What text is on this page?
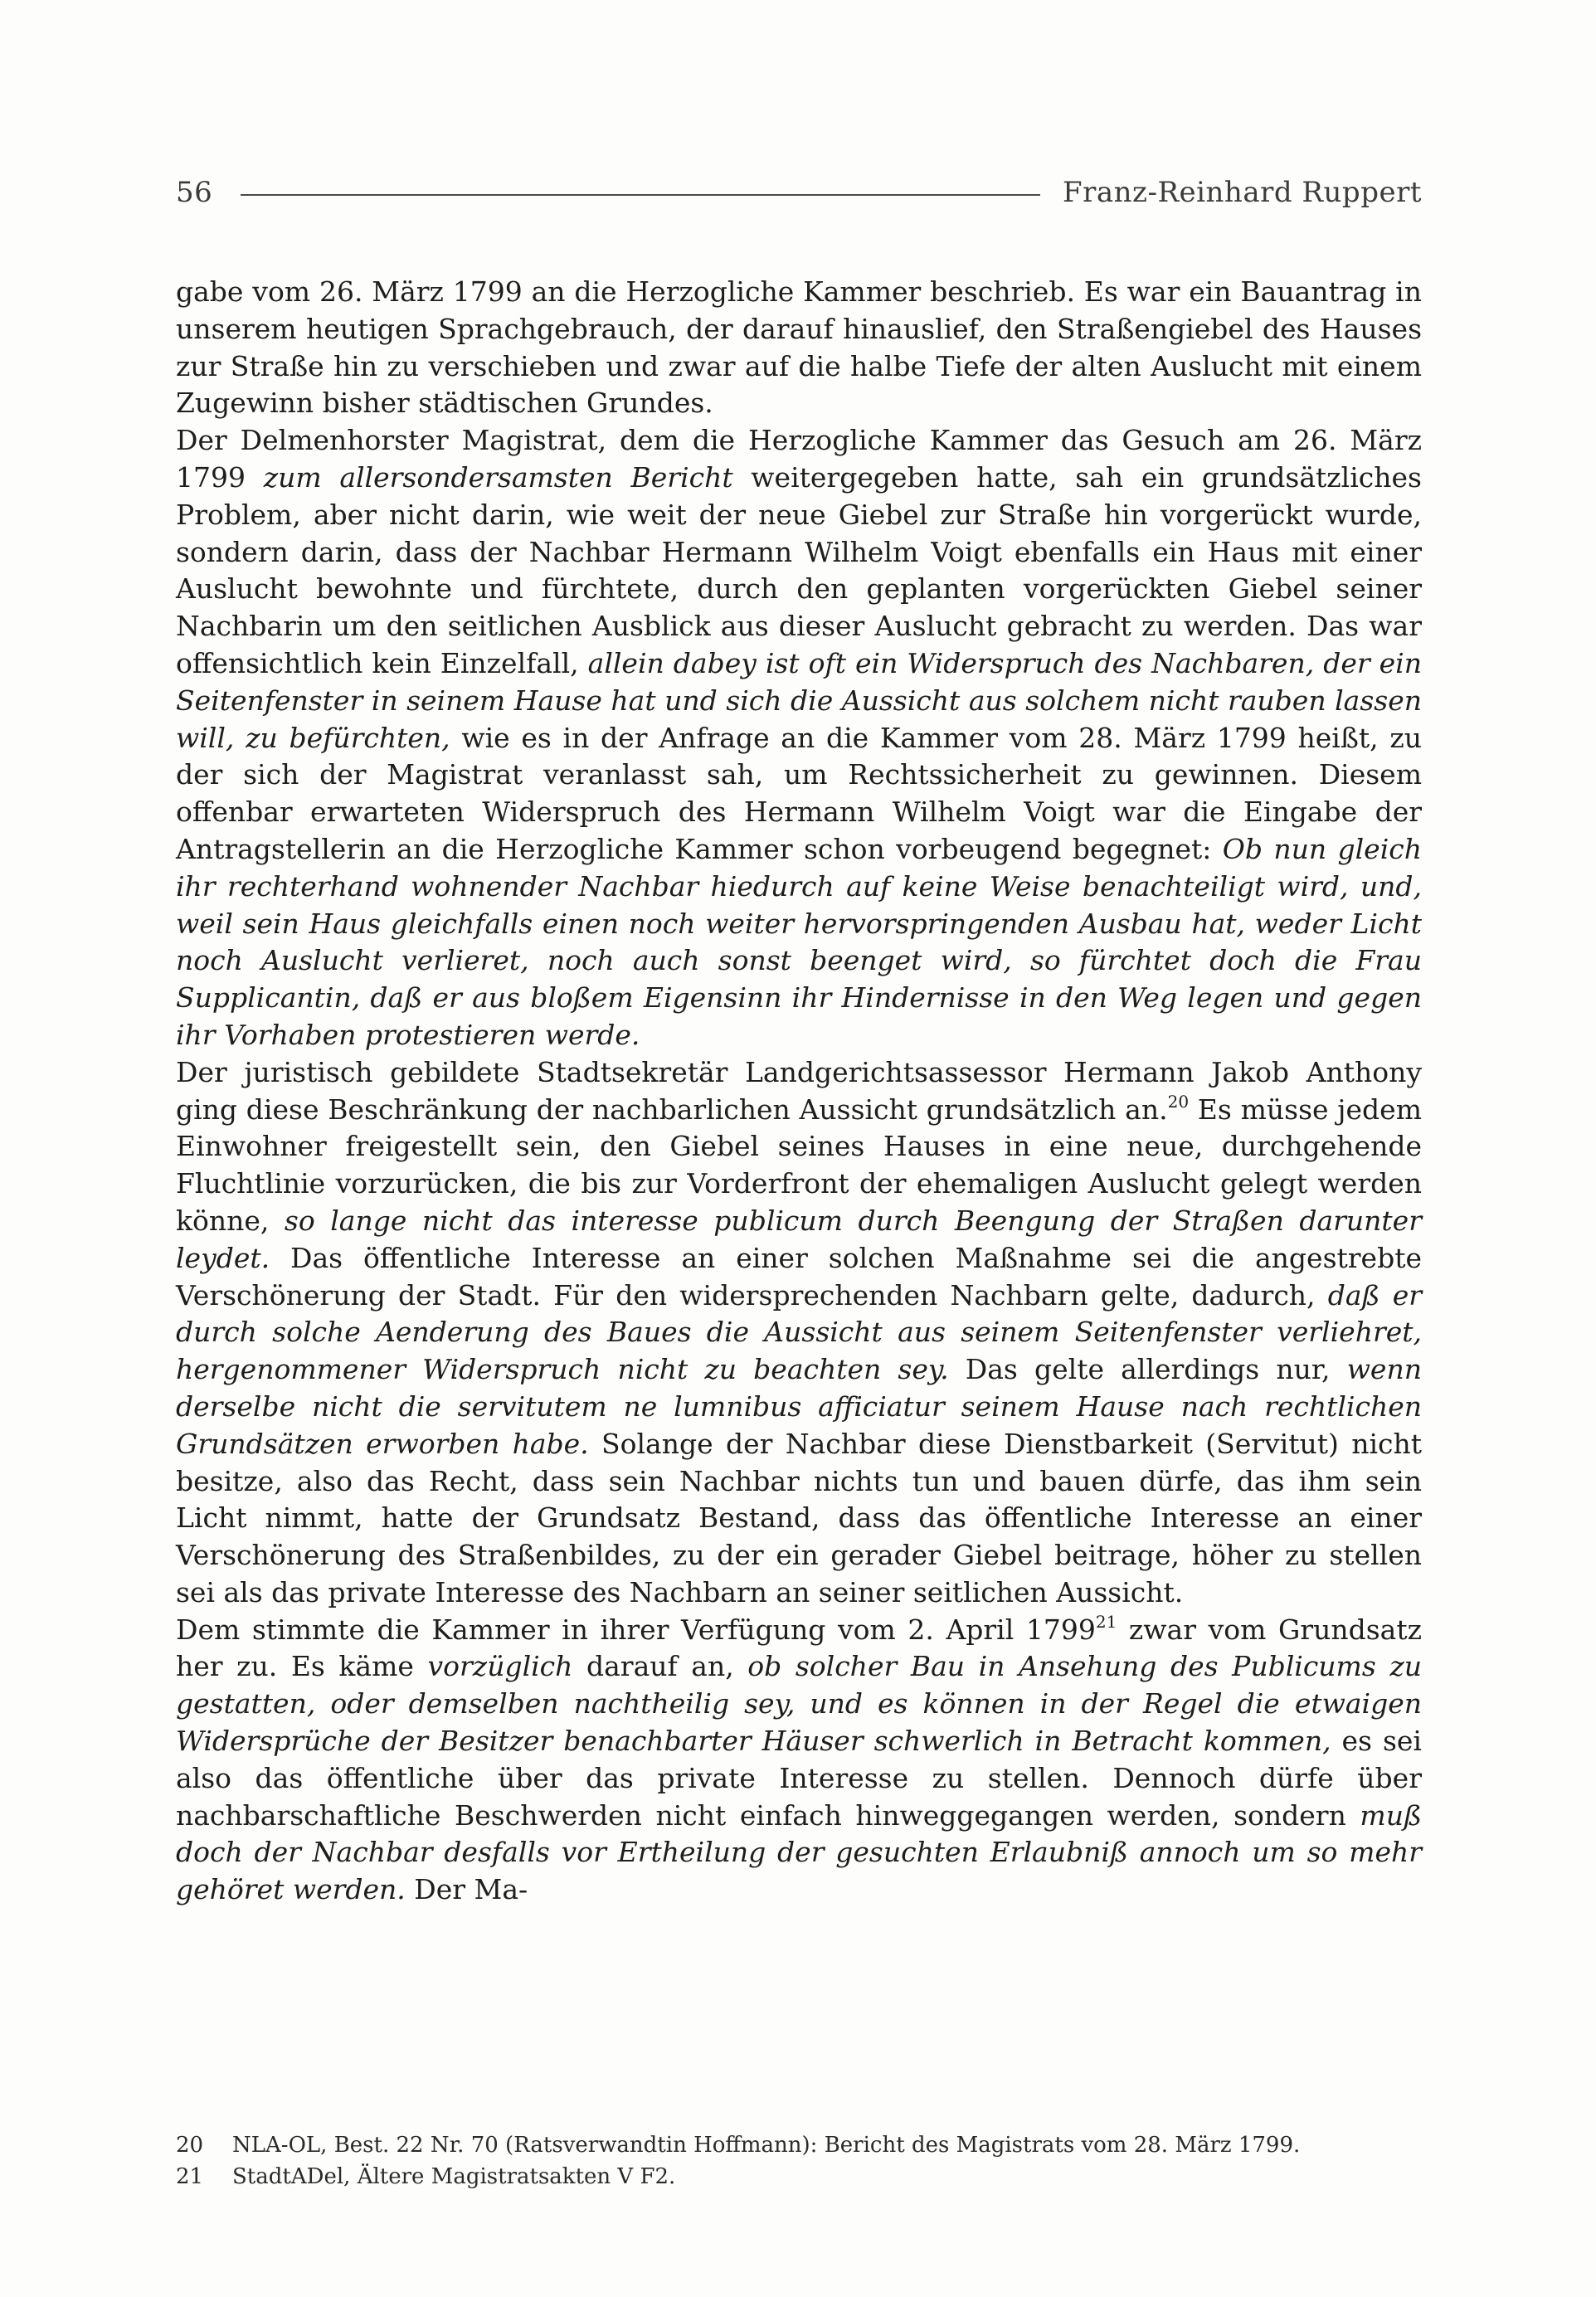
56	Franz-Reinhard Ruppert

gabe vom 26. März 1799 an die Herzogliche Kammer beschrieb. Es war ein Bauantrag in unserem heutigen Sprachgebrauch, der darauf hinauslief, den Straßengiebel des Hauses zur Straße hin zu verschieben und zwar auf die halbe Tiefe der alten Auslucht mit einem Zugewinn bisher städtischen Grundes.

Der Delmenhorster Magistrat, dem die Herzogliche Kammer das Gesuch am 26. März 1799 zum allersondersamsten Bericht weitergegeben hatte, sah ein grundsätzliches Problem, aber nicht darin, wie weit der neue Giebel zur Straße hin vorgerückt wurde, sondern darin, dass der Nachbar Hermann Wilhelm Voigt ebenfalls ein Haus mit einer Auslucht bewohnte und fürchtete, durch den geplanten vorgerückten Giebel seiner Nachbarin um den seitlichen Ausblick aus dieser Auslucht gebracht zu werden. Das war offensichtlich kein Einzelfall, allein dabey ist oft ein Widerspruch des Nachbaren, der ein Seitenfenster in seinem Hause hat und sich die Aussicht aus solchem nicht rauben lassen will, zu befürchten, wie es in der Anfrage an die Kammer vom 28. März 1799 heißt, zu der sich der Magistrat veranlasst sah, um Rechtssicherheit zu gewinnen. Diesem offenbar erwarteten Widerspruch des Hermann Wilhelm Voigt war die Eingabe der Antragstellerin an die Herzogliche Kammer schon vorbeugend begegnet: Ob nun gleich ihr rechterhand wohnender Nachbar hiedurch auf keine Weise benachteiligt wird, und, weil sein Haus gleichfalls einen noch weiter hervorspringenden Ausbau hat, weder Licht noch Auslucht verlieret, noch auch sonst beenget wird, so fürchtet doch die Frau Supplicantin, daß er aus bloßem Eigensinn ihr Hindernisse in den Weg legen und gegen ihr Vorhaben protestieren werde.

Der juristisch gebildete Stadtsekretär Landgerichtsassessor Hermann Jakob Anthony ging diese Beschränkung der nachbarlichen Aussicht grundsätzlich an.$^{20}$ Es müsse jedem Einwohner freigestellt sein, den Giebel seines Hauses in eine neue, durchgehende Fluchtlinie vorzurücken, die bis zur Vorderfront der ehemaligen Auslucht gelegt werden könne, so lange nicht das interesse publicum durch Beengung der Straßen darunter leydet. Das öffentliche Interesse an einer solchen Maßnahme sei die angestrebte Verschönerung der Stadt. Für den widersprechenden Nachbarn gelte, dadurch, daß er durch solche Aenderung des Baues die Aussicht aus seinem Seitenfenster verliehret, hergenommener Widerspruch nicht zu beachten sey. Das gelte allerdings nur, wenn derselbe nicht die servitutem ne lumnibus afficiatur seinem Hause nach rechtlichen Grundsätzen erworben habe. Solange der Nachbar diese Dienstbarkeit (Servitut) nicht besitze, also das Recht, dass sein Nachbar nichts tun und bauen dürfe, das ihm sein Licht nimmt, hatte der Grundsatz Bestand, dass das öffentliche Interesse an einer Verschönerung des Straßenbildes, zu der ein gerader Giebel beitrage, höher zu stellen sei als das private Interesse des Nachbarn an seiner seitlichen Aussicht.

Dem stimmte die Kammer in ihrer Verfügung vom 2. April 1799$^{21}$ zwar vom Grundsatz her zu. Es käme vorzüglich darauf an, ob solcher Bau in Ansehung des Publicums zu gestatten, oder demselben nachtheilig sey, und es können in der Regel die etwaigen Widersprüche der Besitzer benachbarter Häuser schwerlich in Betracht kommen, es sei also das öffentliche über das private Interesse zu stellen. Dennoch dürfe über nachbarschaftliche Beschwerden nicht einfach hinweggegangen werden, sondern muß doch der Nachbar desfalls vor Ertheilung der gesuchten Erlaubniß annoch um so mehr gehöret werden. Der Ma-

20	NLA-OL, Best. 22 Nr. 70 (Ratsverwandtin Hoffmann): Bericht des Magistrats vom 28. März 1799.
21	StadtADel, Ältere Magistratsakten V F2.
